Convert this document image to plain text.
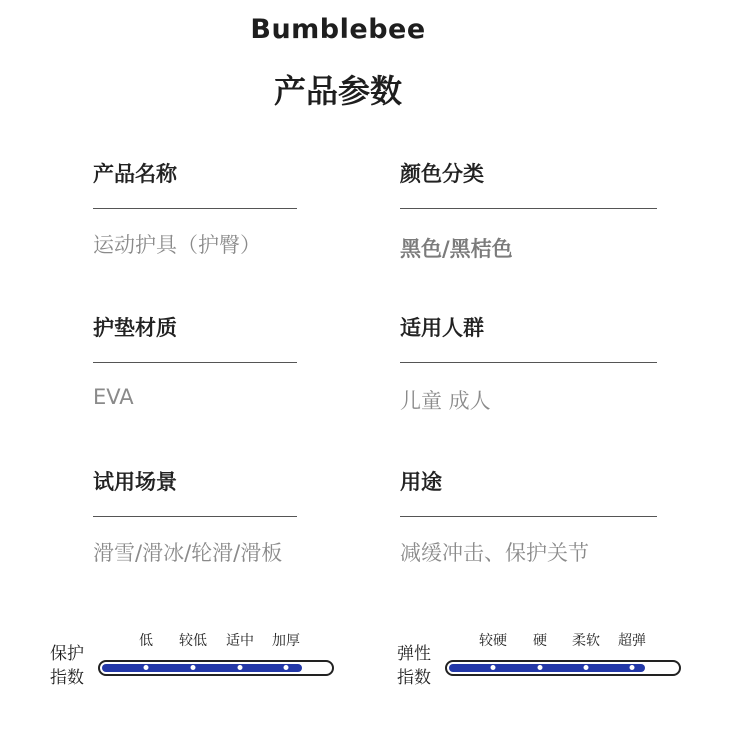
Bumblebee
产品参数
产品名称
运动护具（护臀）
颜色分类
黑色/黑桔色
护垫材质
EVA
适用人群
儿童 成人
试用场景
滑雪/滑冰/轮滑/滑板
用途
减缓冲击、保护关节
保护
指数
低 较低 适中 加厚
弹性
指数
较硬 硬 柔软 超弹
